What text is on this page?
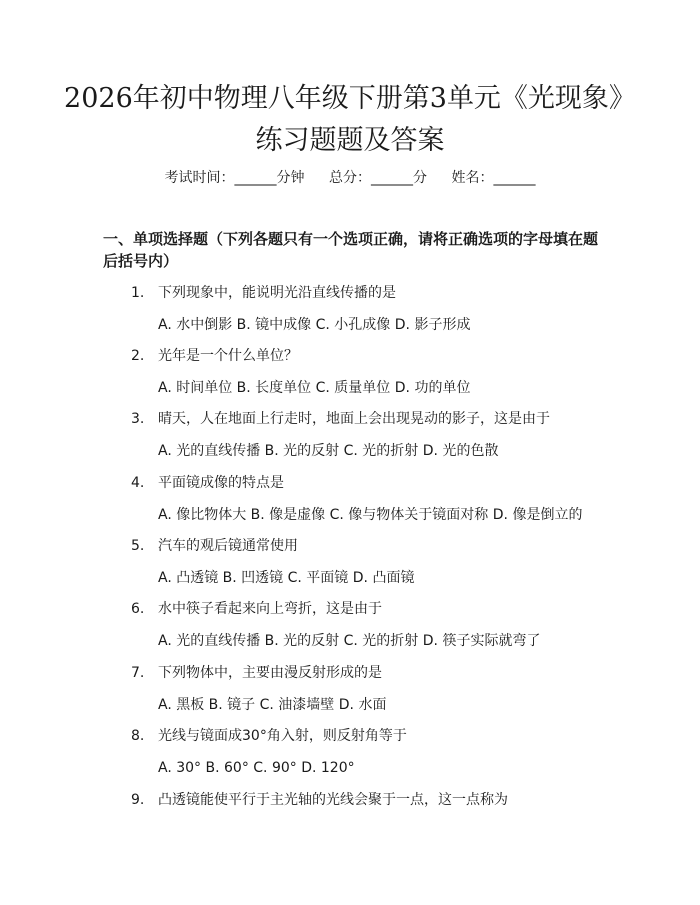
2026年初中物理八年级下册第3单元《光现象》练习题题及答案
考试时间：______分钟 总分：______分 姓名：______
一、单项选择题（下列各题只有一个选项正确，请将正确选项的字母填在题后括号内）
1. 下列现象中，能说明光沿直线传播的是
A. 水中倒影 B. 镜中成像 C. 小孔成像 D. 影子形成
2. 光年是一个什么单位？
A. 时间单位 B. 长度单位 C. 质量单位 D. 功的单位
3. 晴天，人在地面上行走时，地面上会出现晃动的影子，这是由于
A. 光的直线传播 B. 光的反射 C. 光的折射 D. 光的色散
4. 平面镜成像的特点是
A. 像比物体大 B. 像是虚像 C. 像与物体关于镜面对称 D. 像是倒立的
5. 汽车的观后镜通常使用
A. 凸透镜 B. 凹透镜 C. 平面镜 D. 凸面镜
6. 水中筷子看起来向上弯折，这是由于
A. 光的直线传播 B. 光的反射 C. 光的折射 D. 筷子实际就弯了
7. 下列物体中，主要由漫反射形成的是
A. 黑板 B. 镜子 C. 油漆墙壁 D. 水面
8. 光线与镜面成30°角入射，则反射角等于
A. 30° B. 60° C. 90° D. 120°
9. 凸透镜能使平行于主光轴的光线会聚于一点，这一点称为
